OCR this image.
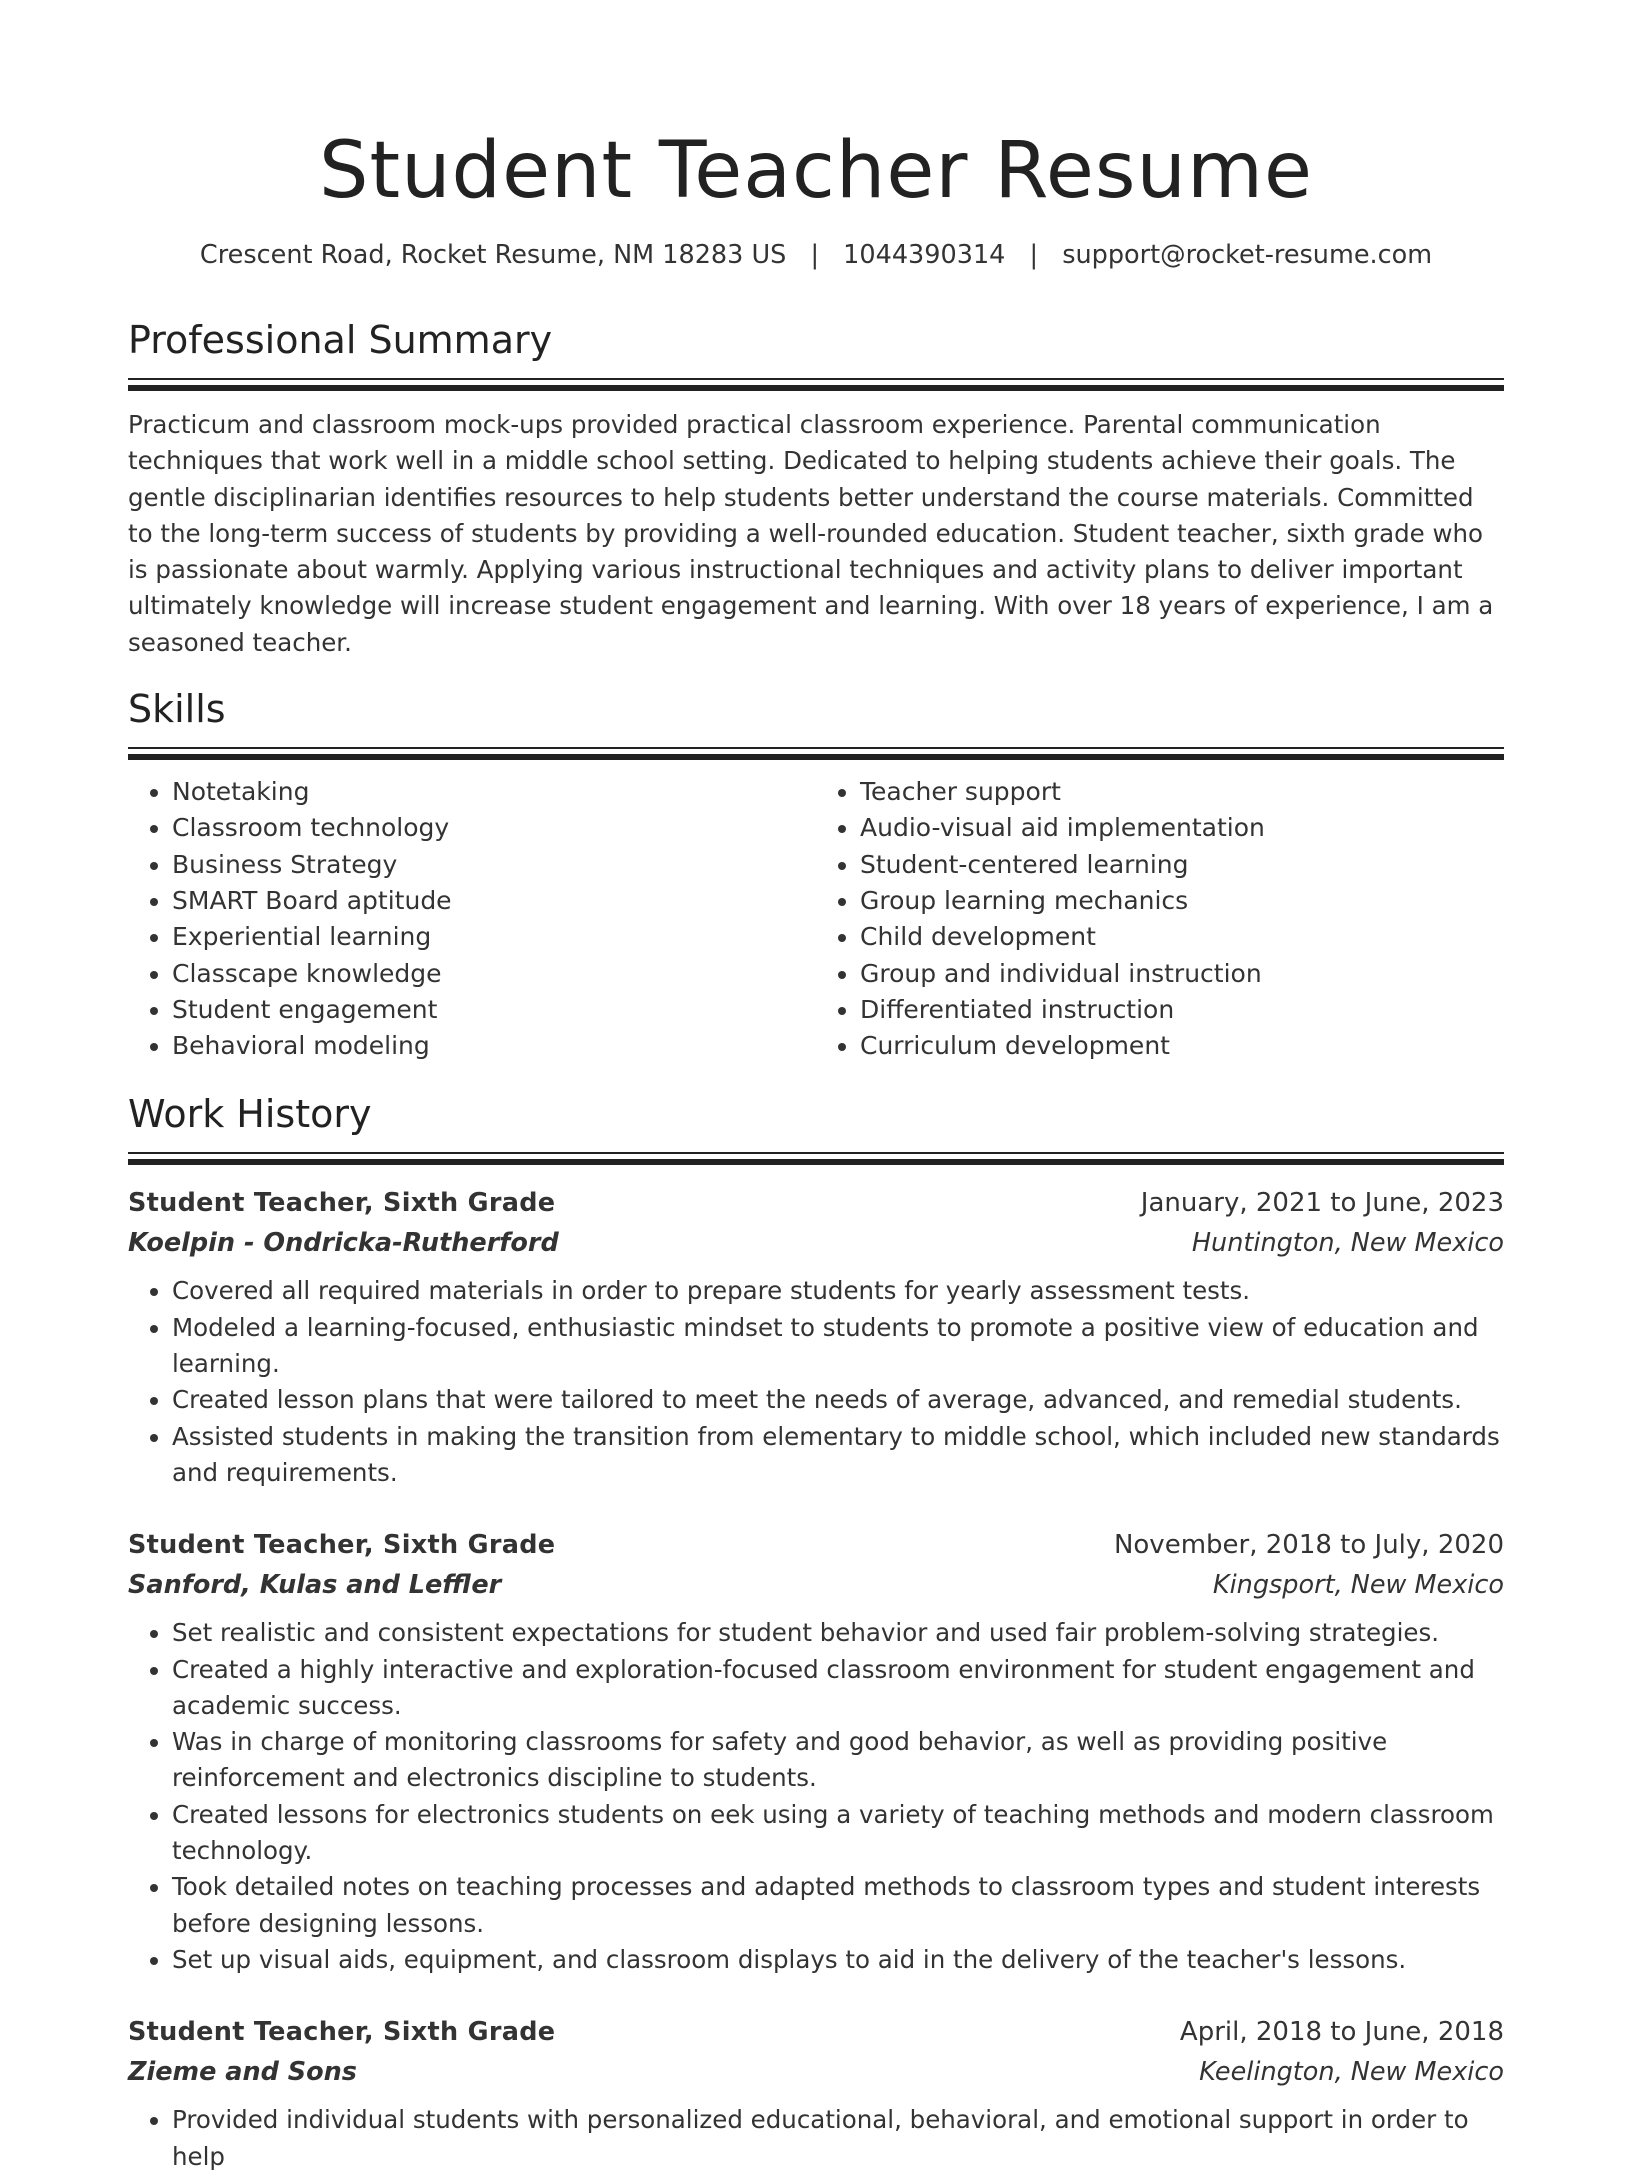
Student Teacher Resume
Crescent Road, Rocket Resume, NM 18283 US | 1044390314 | support@rocket-resume.com
Professional Summary

Practicum and classroom mock-ups provided practical classroom experience. Parental communication techniques that work well in a middle school setting. Dedicated to helping students achieve their goals. The gentle disciplinarian identifies resources to help students better understand the course materials. Committed to the long-term success of students by providing a well-rounded education. Student teacher, sixth grade who is passionate about warmly. Applying various instructional techniques and activity plans to deliver important ultimately knowledge will increase student engagement and learning. With over 18 years of experience, I am a seasoned teacher.

Skills
• Notetaking
• Classroom technology
• Business Strategy
• SMART Board aptitude
• Experiential learning
• Classcape knowledge
• Student engagement
• Behavioral modeling
• Teacher support
• Audio-visual aid implementation
• Student-centered learning
• Group learning mechanics
• Child development
• Group and individual instruction
• Differentiated instruction
• Curriculum development
Work History
Student Teacher, Sixth Grade	January, 2021 to June, 2023
Koelpin - Ondricka-Rutherford	Huntington, New Mexico
• Covered all required materials in order to prepare students for yearly assessment tests.
• Modeled a learning-focused, enthusiastic mindset to students to promote a positive view of education and learning.
• Created lesson plans that were tailored to meet the needs of average, advanced, and remedial students.
• Assisted students in making the transition from elementary to middle school, which included new standards and requirements.
Student Teacher, Sixth Grade	November, 2018 to July, 2020
Sanford, Kulas and Leffler	Kingsport, New Mexico
• Set realistic and consistent expectations for student behavior and used fair problem-solving strategies.
• Created a highly interactive and exploration-focused classroom environment for student engagement and academic success.
• Was in charge of monitoring classrooms for safety and good behavior, as well as providing positive reinforcement and electronics discipline to students.
• Created lessons for electronics students on eek using a variety of teaching methods and modern classroom technology.
• Took detailed notes on teaching processes and adapted methods to classroom types and student interests before designing lessons.
• Set up visual aids, equipment, and classroom displays to aid in the delivery of the teacher's lessons.
Student Teacher, Sixth Grade	April, 2018 to June, 2018
Zieme and Sons	Keelington, New Mexico
• Provided individual students with personalized educational, behavioral, and emotional support in order to help
